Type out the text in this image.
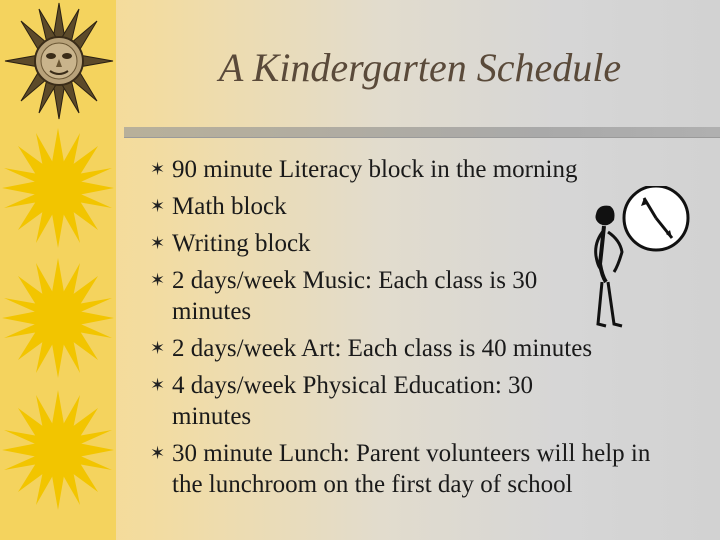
A Kindergarten Schedule
✶ 90 minute Literacy block in the morning
✶ Math block
✶ Writing block
✶ 2 days/week Music: Each class is 30 minutes
✶ 2 days/week Art: Each class is 40 minutes
✶ 4 days/week Physical Education: 30 minutes
✶ 30 minute Lunch: Parent volunteers will help in the lunchroom on the first day of school
